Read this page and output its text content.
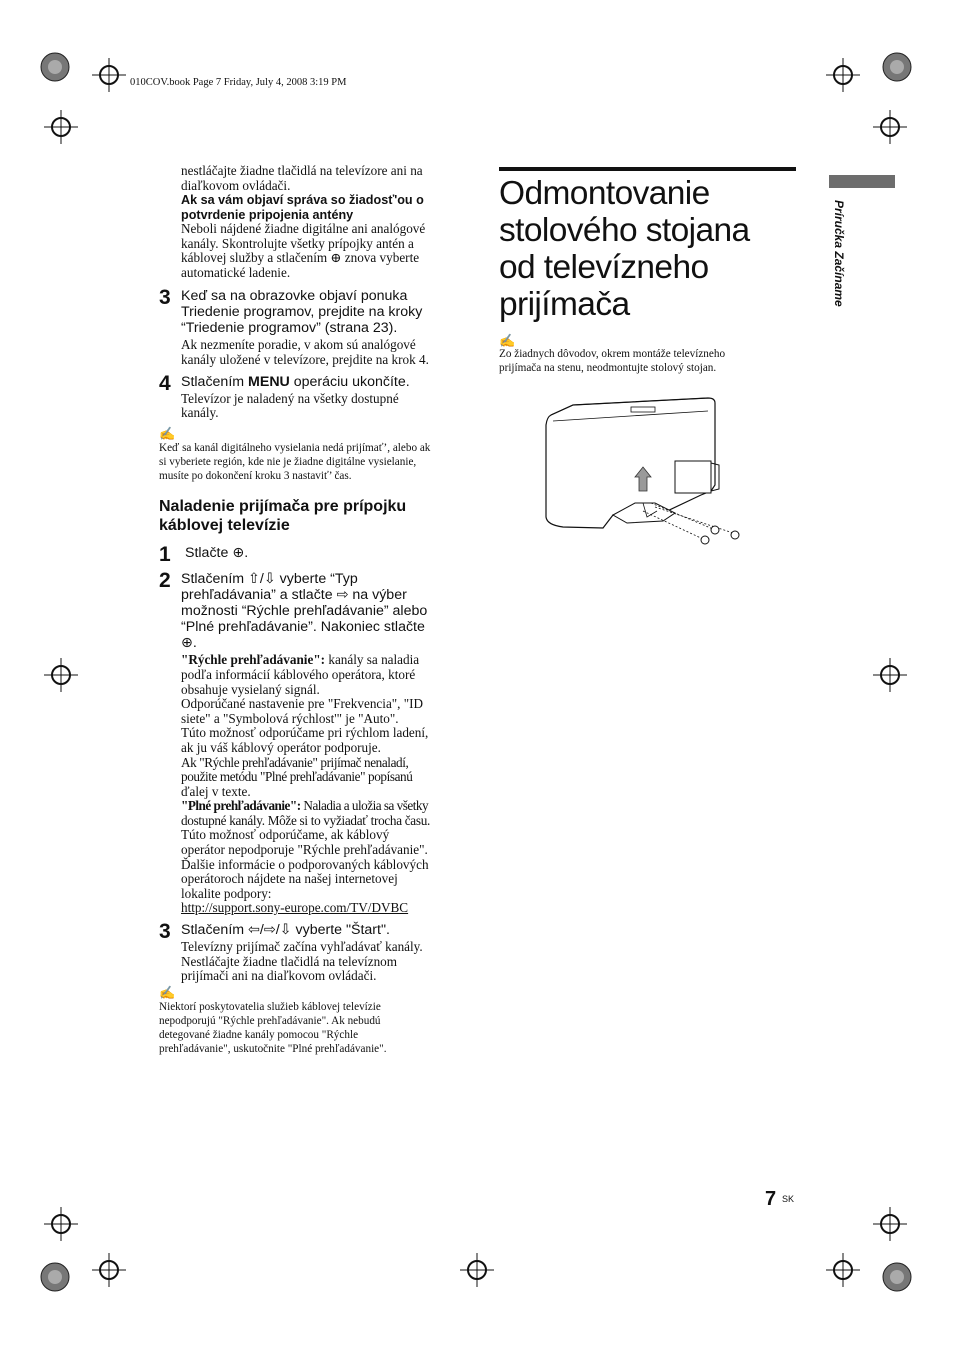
010COV.book Page 7 Friday, July 4, 2008 3:19 PM

nestláčajte žiadne tlačidlá na televízore ani na

diaľkovom ovládači.

Ak sa vám objaví správa so žiadosť'ou o
potvrdenie pripojenia antény

Neboli nájdené žiadne digitálne ani analógové

kanály. Skontrolujte všetky prípojky antén a

káblovej služby a stlačením ⊕ znova vyberte

automatické ladenie.

3 Keď sa na obrazovke objaví ponuka
Triedenie programov, prejdite na kroky
“Triedenie programov” (strana 23).

Ak nezmeníte poradie, v akom sú analógové

kanály uložené v televízore, prejdite na krok 4.

4 Stlačením MENU operáciu ukončíte.

Televízor je naladený na všetky dostupné

kanály.

✍

Keď sa kanál digitálneho vysielania nedá prijímať’, alebo ak

si vyberiete región, kde nie je žiadne digitálne vysielanie,

musíte po dokončení kroku 3 nastaviť’ čas.

Naladenie prijímača pre prípojku
káblovej televízie
1	Stlačte ⊕.
2 Stlačením ⇧/⇩ vyberte “Typ
prehľadávania” a stlačte ⇨ na výber
možnosti “Rýchle prehľadávanie” alebo
“Plné prehľadávanie”. Nakoniec stlačte
⊕.

"Rýchle prehľadávanie": kanály sa naladia

podľa informácií káblového operátora, ktoré

obsahuje vysielaný signál.

Odporúčané nastavenie pre "Frekvencia", "ID

siete" a "Symbolová rýchlost'" je "Auto".

Túto možnosť odporúčame pri rýchlom ladení,

ak ju váš káblový operátor podporuje.

Ak "Rýchle prehľadávanie" prijímač nenaladí,

použite metódu "Plné prehľadávanie" popísanú

ďalej v texte.

"Plné prehľadávanie": Naladia a uložia sa všetky

dostupné kanály. Môže si to vyžiadať trocha času.

Túto možnosť odporúčame, ak káblový

operátor nepodporuje "Rýchle prehľadávanie".

Ďalšie informácie o podporovaných káblových

operátoroch nájdete na našej internetovej

lokalite podpory:

http://support.sony-europe.com/TV/DVBC

3 Stlačením ⇦/⇨/⇩ vyberte "Štart".

Televízny prijímač začína vyhľadávať kanály.

Nestláčajte žiadne tlačidlá na televíznom

prijímači ani na diaľkovom ovládači.

✍

Niektorí poskytovatelia služieb káblovej televízie

nepodporujú "Rýchle prehľadávanie". Ak nebudú

detegované žiadne kanály pomocou "Rýchle

prehľadávanie", uskutočnite "Plné prehľadávanie".

Odmontovanie
stolového stojana
od televízneho
prijímača
✍
Zo žiadnych dôvodov, okrem montáže televízneho
prijímača na stenu, neodmontujte stolový stojan.
Príručka Začíname
7 SK
